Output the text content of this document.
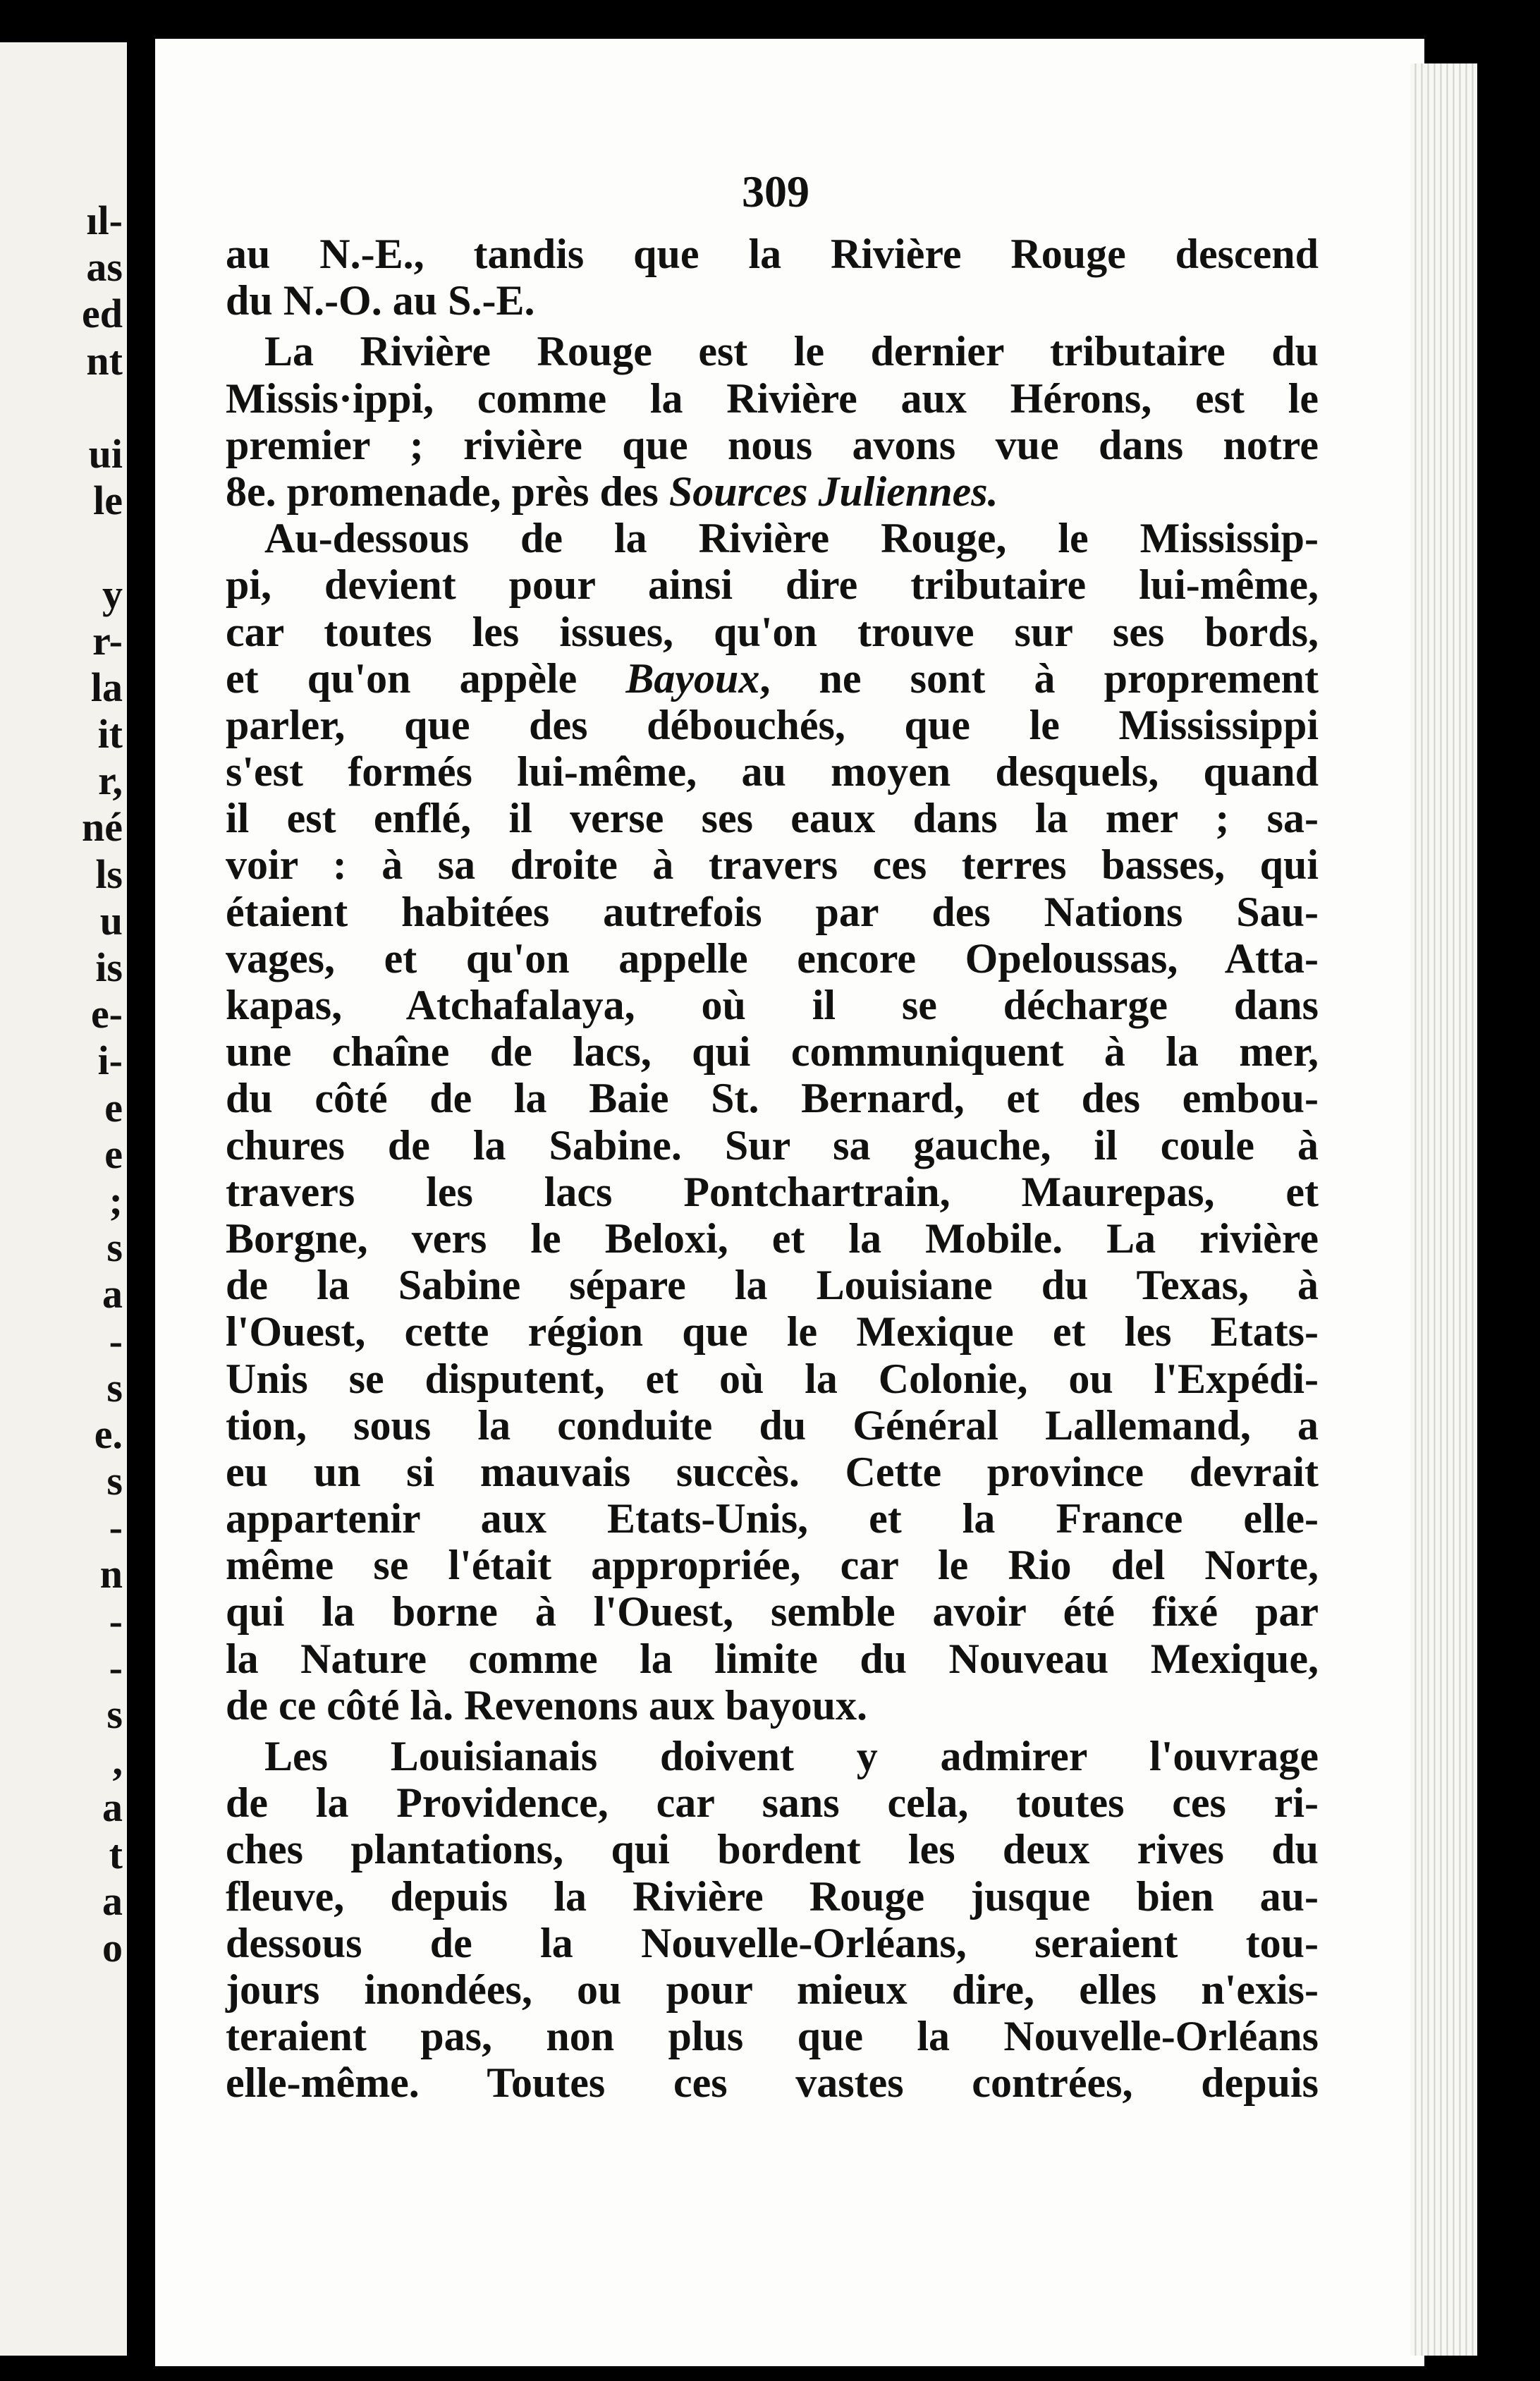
ıl-
as
ed
nt
ui
le
y
r-
la
it
r,
né
ls
u
is
e-
i-
e
e
;
s
a
-
s
e.
s
-
n
-
-
s
,
a
t
a
o
309
au N.-E., tandis que la Rivière Rouge descend
du N.-O. au S.-E.
La Rivière Rouge est le dernier tributaire du
Missis·ippi, comme la Rivière aux Hérons, est le
premier ; rivière que nous avons vue dans notre
8e. promenade, près des Sources Juliennes.
Au-dessous de la Rivière Rouge, le Mississip-
pi, devient pour ainsi dire tributaire lui-même,
car toutes les issues, qu'on trouve sur ses bords,
et qu'on appèle Bayoux, ne sont à proprement
parler, que des débouchés, que le Mississippi
s'est formés lui-même, au moyen desquels, quand
il est enflé, il verse ses eaux dans la mer ; sa-
voir : à sa droite à travers ces terres basses, qui
étaient habitées autrefois par des Nations Sau-
vages, et qu'on appelle encore Opeloussas, Atta-
kapas, Atchafalaya, où il se décharge dans
une chaîne de lacs, qui communiquent à la mer,
du côté de la Baie St. Bernard, et des embou-
chures de la Sabine. Sur sa gauche, il coule à
travers les lacs Pontchartrain, Maurepas, et
Borgne, vers le Beloxi, et la Mobile. La rivière
de la Sabine sépare la Louisiane du Texas, à
l'Ouest, cette région que le Mexique et les Etats-
Unis se disputent, et où la Colonie, ou l'Expédi-
tion, sous la conduite du Général Lallemand, a
eu un si mauvais succès. Cette province devrait
appartenir aux Etats-Unis, et la France elle-
même se l'était appropriée, car le Rio del Norte,
qui la borne à l'Ouest, semble avoir été fixé par
la Nature comme la limite du Nouveau Mexique,
de ce côté là. Revenons aux bayoux.
Les Louisianais doivent y admirer l'ouvrage
de la Providence, car sans cela, toutes ces ri-
ches plantations, qui bordent les deux rives du
fleuve, depuis la Rivière Rouge jusque bien au-
dessous de la Nouvelle-Orléans, seraient tou-
jours inondées, ou pour mieux dire, elles n'exis-
teraient pas, non plus que la Nouvelle-Orléans
elle-même. Toutes ces vastes contrées, depuis
